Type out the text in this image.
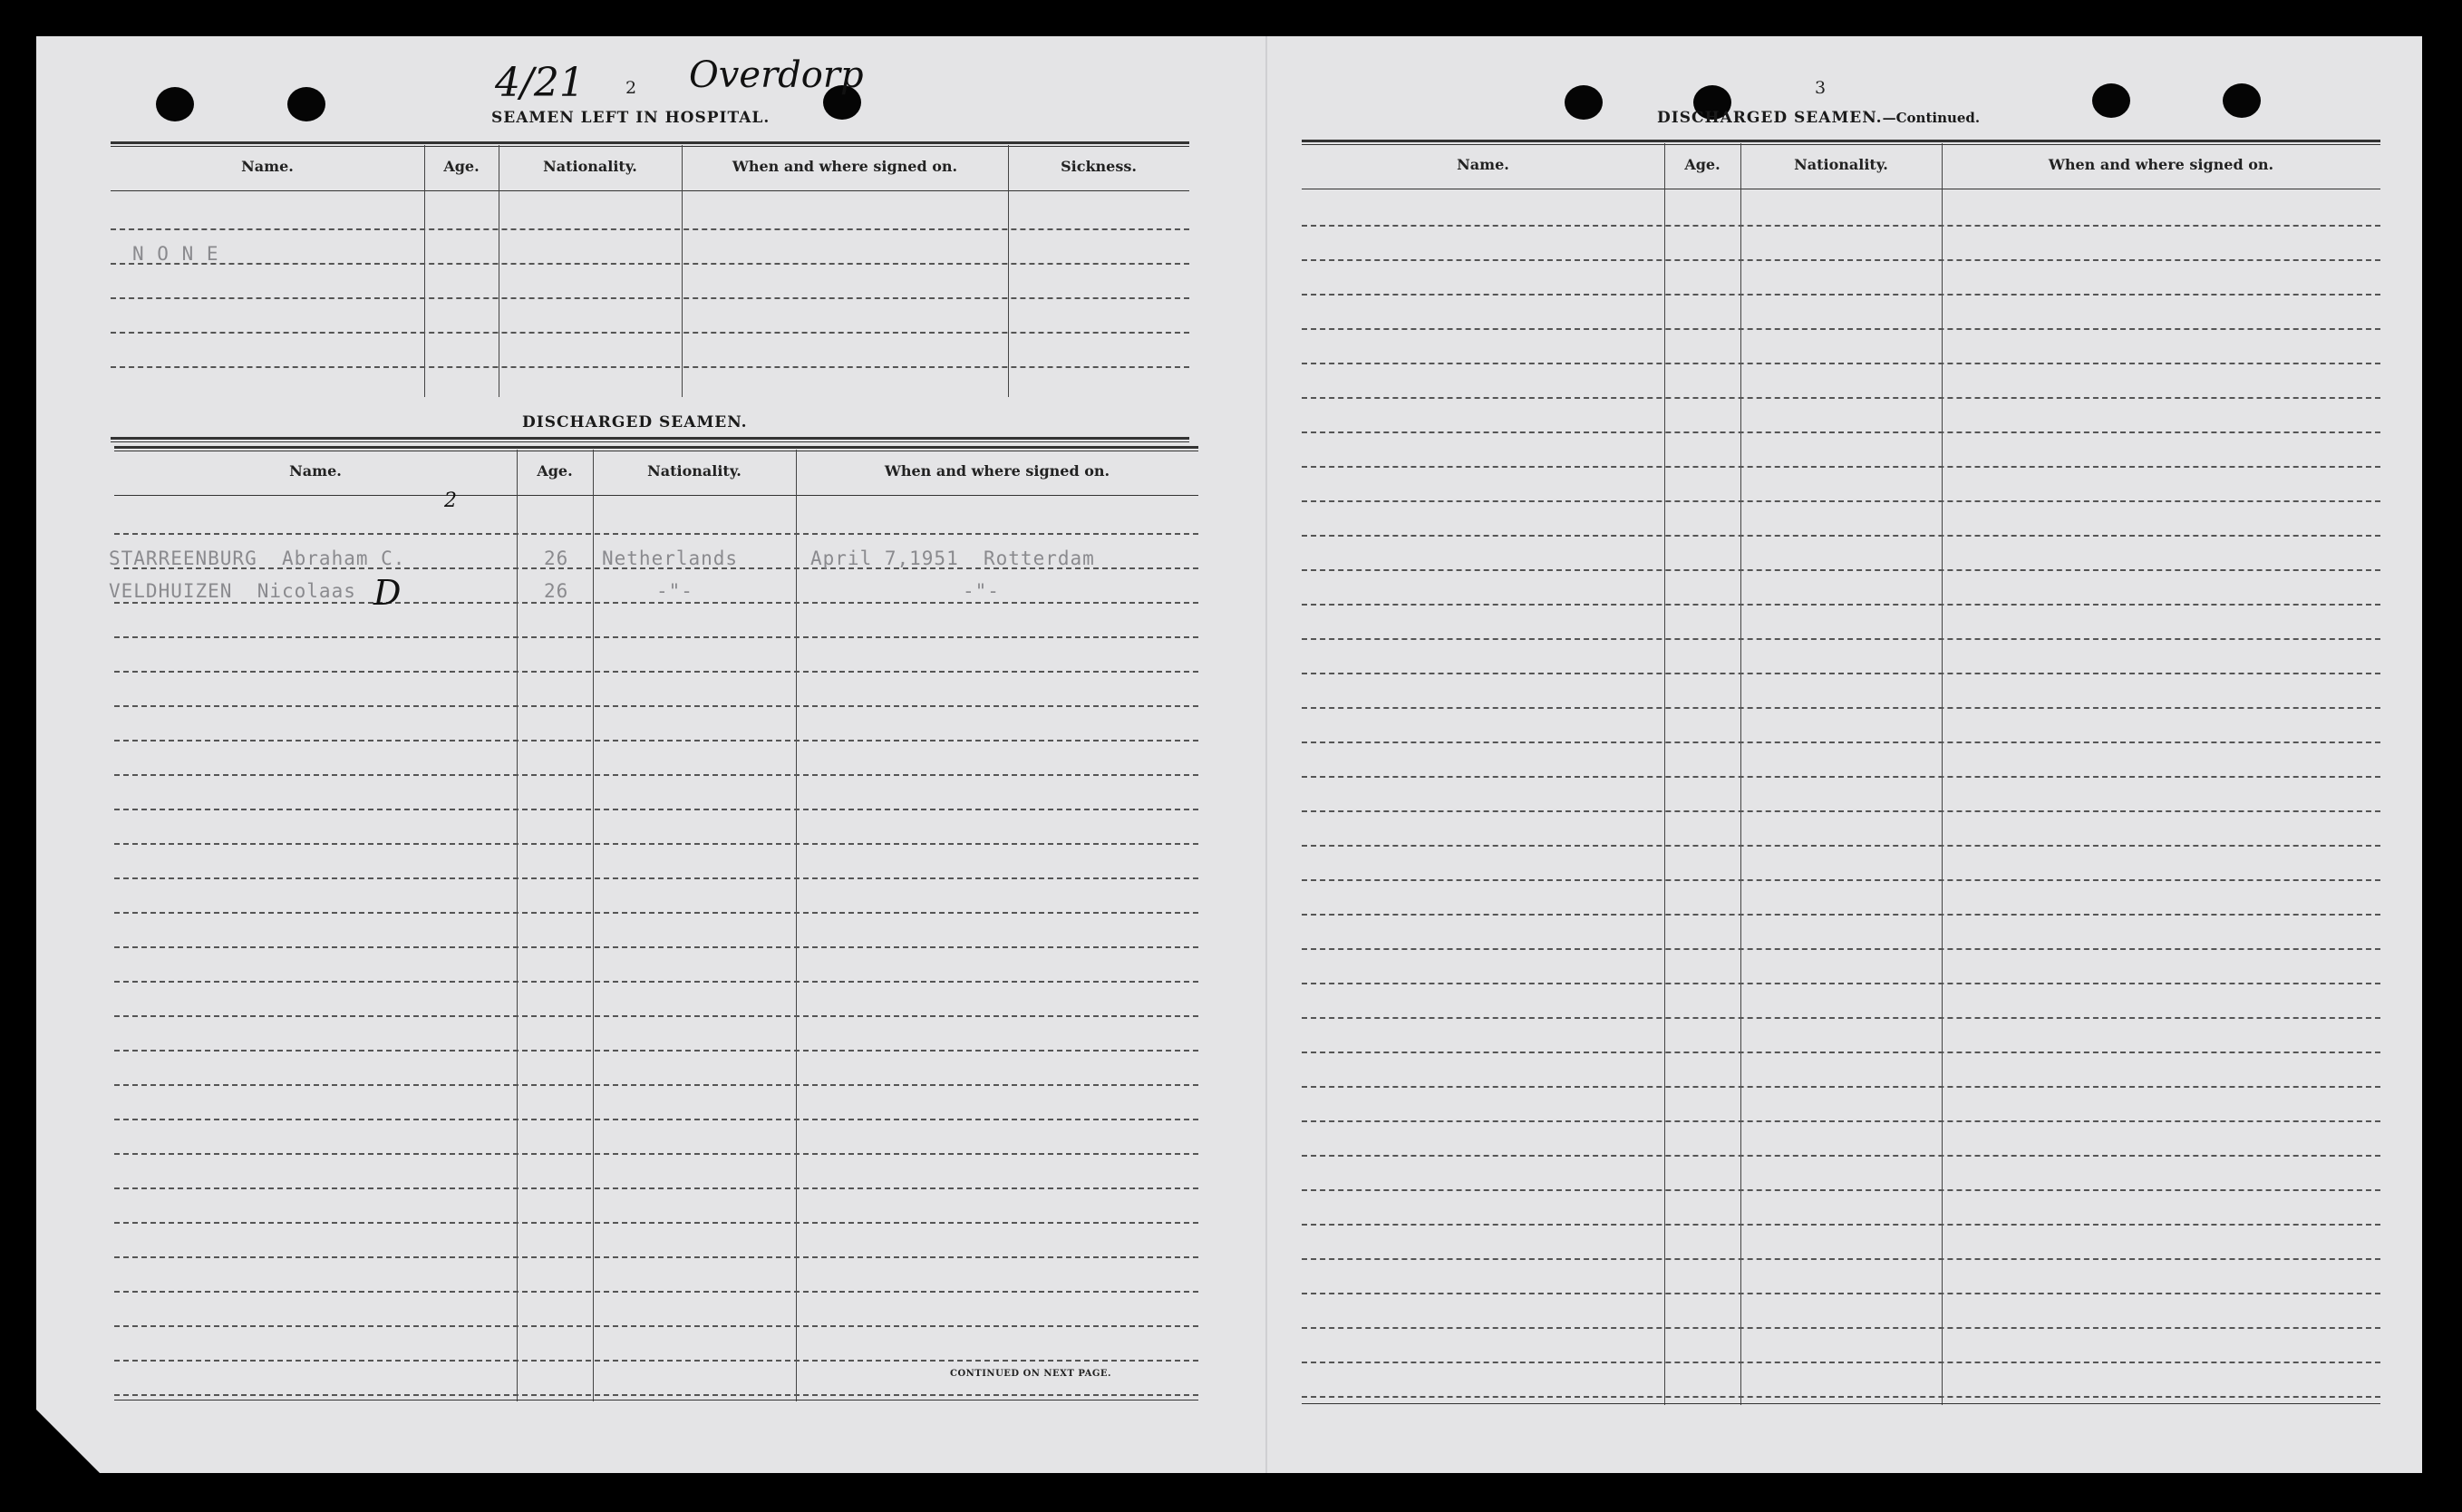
2
SEAMEN LEFT IN HOSPITAL.
Name.	Age.	Nationality.	When and where signed on.	Sickness.
N O N E
DISCHARGED SEAMEN.
Name.	Age.	Nationality.	When and where signed on.
STARREENBURG  Abraham C.	26 Netherlands	April 7,1951  Rotterdam
VELDHUIZEN  Nicolaas	26	-"-	-"-
CONTINUED ON NEXT PAGE.
4/21	Overdorp
2
D
3
DISCHARGED SEAMEN.—Continued.
Name.	Age.	Nationality.	When and where signed on.
